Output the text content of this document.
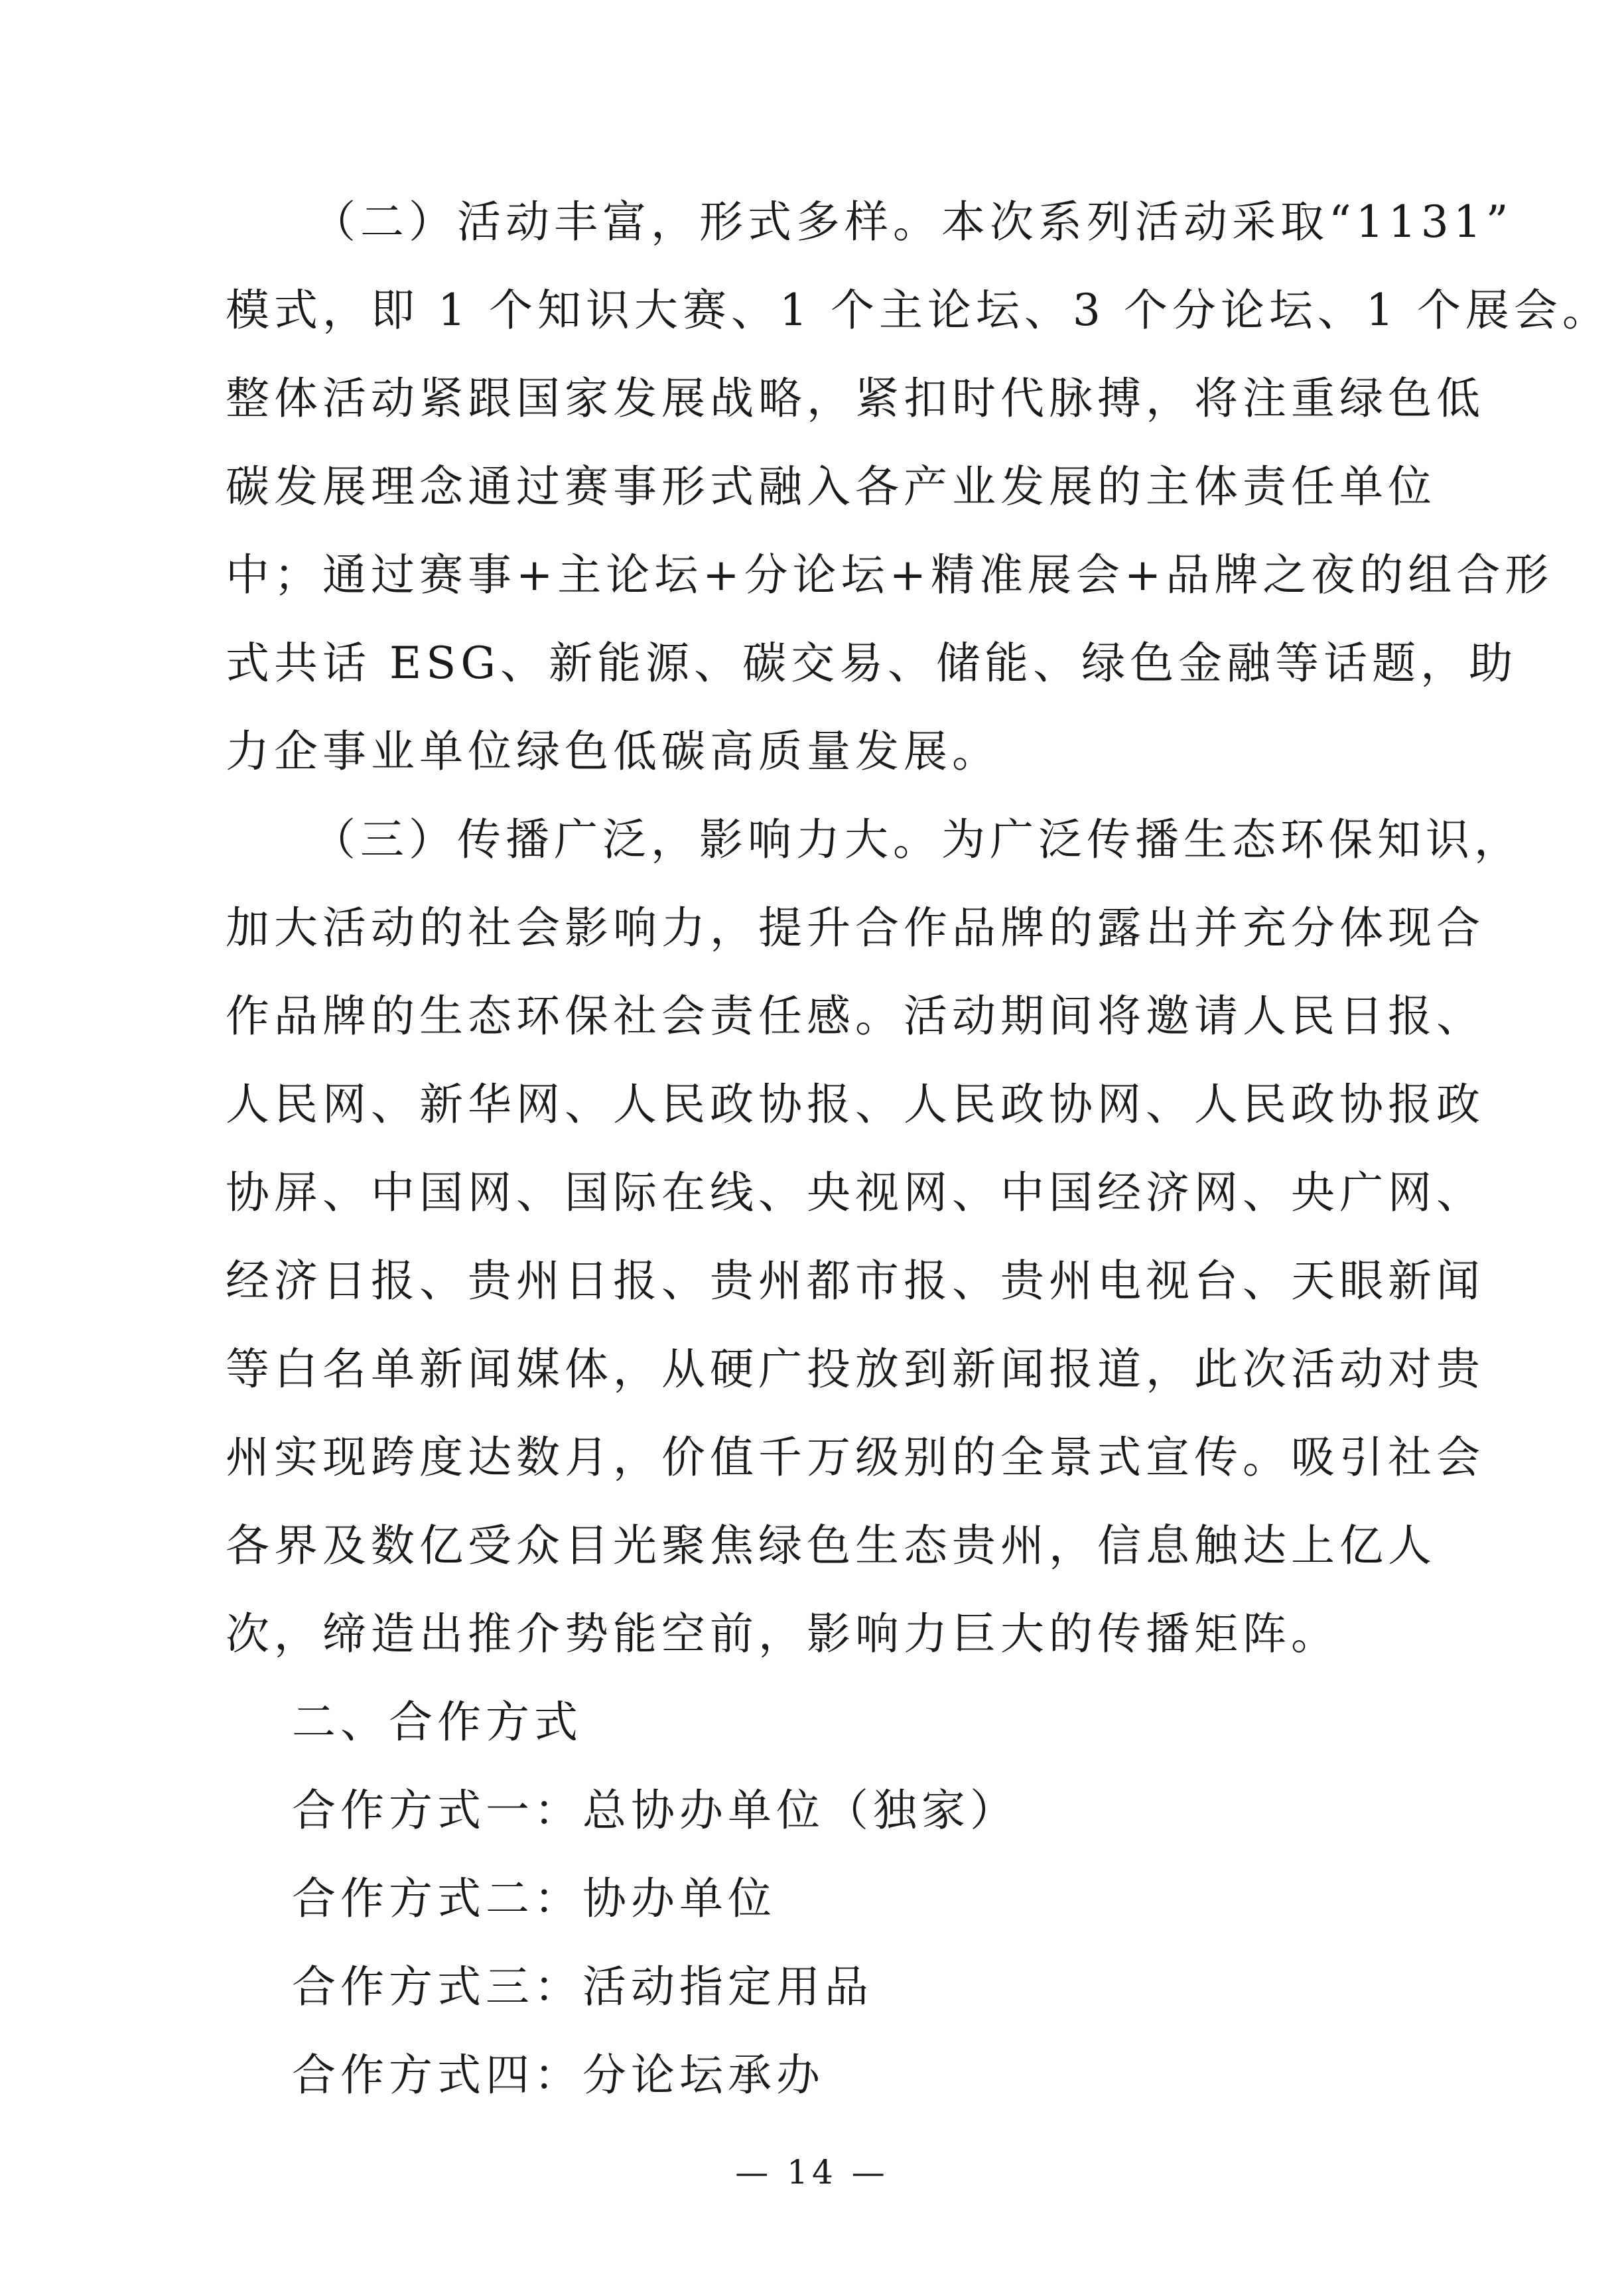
（二）活动丰富，形式多样。本次系列活动采取“1131”
模式，即 1 个知识大赛、1 个主论坛、3 个分论坛、1 个展会。
整体活动紧跟国家发展战略，紧扣时代脉搏，将注重绿色低
碳发展理念通过赛事形式融入各产业发展的主体责任单位
中；通过赛事+主论坛+分论坛+精准展会+品牌之夜的组合形
式共话 ESG、新能源、碳交易、储能、绿色金融等话题，助
力企事业单位绿色低碳高质量发展。
（三）传播广泛，影响力大。为广泛传播生态环保知识，
加大活动的社会影响力，提升合作品牌的露出并充分体现合
作品牌的生态环保社会责任感。活动期间将邀请人民日报、
人民网、新华网、人民政协报、人民政协网、人民政协报政
协屏、中国网、国际在线、央视网、中国经济网、央广网、
经济日报、贵州日报、贵州都市报、贵州电视台、天眼新闻
等白名单新闻媒体，从硬广投放到新闻报道，此次活动对贵
州实现跨度达数月，价值千万级别的全景式宣传。吸引社会
各界及数亿受众目光聚焦绿色生态贵州，信息触达上亿人
次，缔造出推介势能空前，影响力巨大的传播矩阵。
二、合作方式
合作方式一：总协办单位（独家）
合作方式二：协办单位
合作方式三：活动指定用品
合作方式四：分论坛承办
— 14 —
